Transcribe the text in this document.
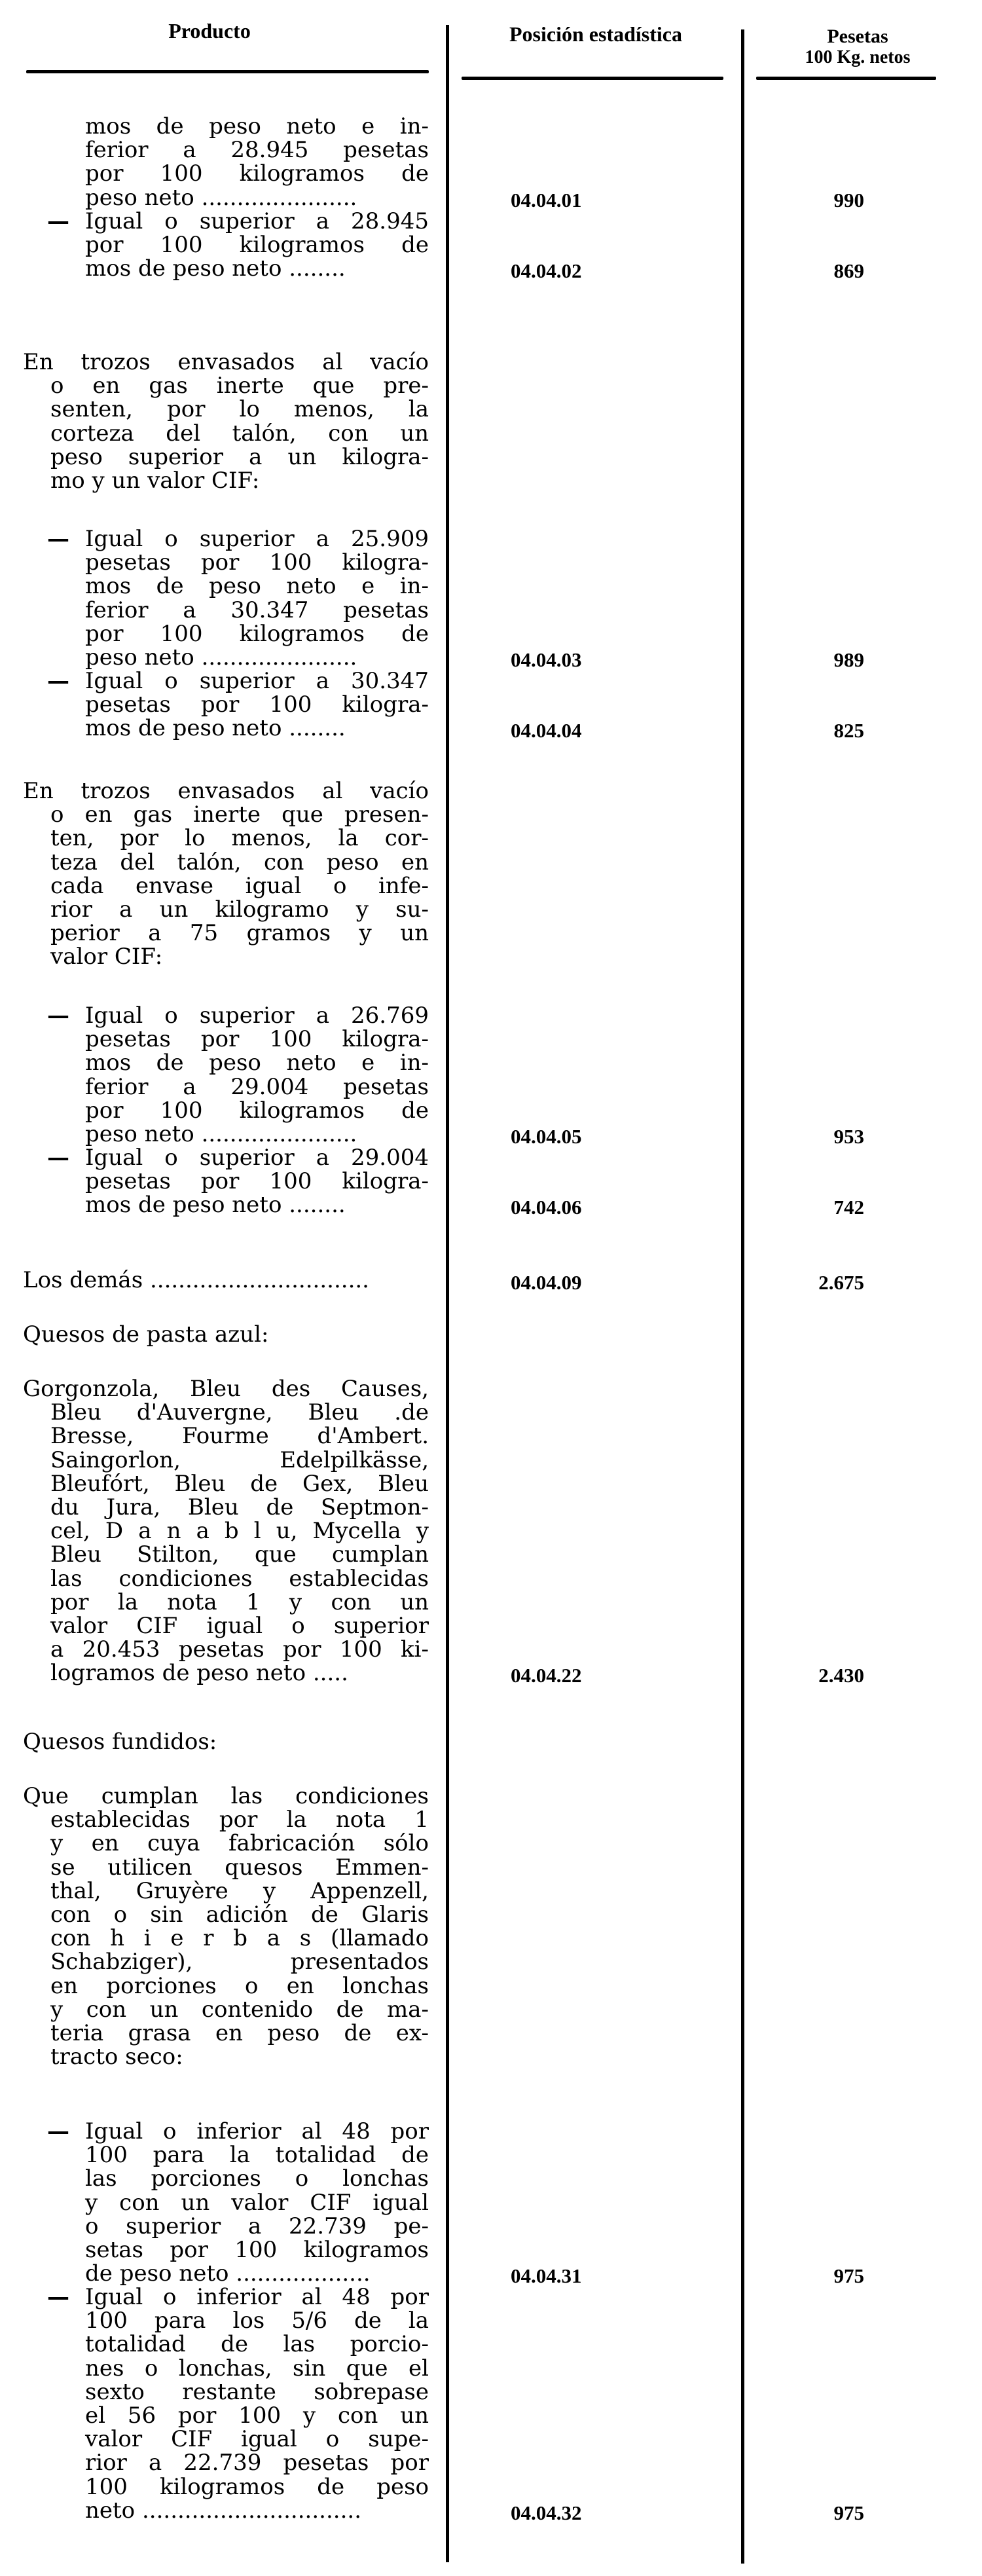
Producto	Posición estadística	Pesetas
100 Kg. netos
mos de peso neto e in-
ferior a 28.945 pesetas
por 100 kilogramos de
peso neto ......................	04.04.01	990
— Igual o superior a 28.945
por 100 kilogramos de
mos de peso neto ........	04.04.02	869
En trozos envasados al vacío
o en gas inerte que pre-
senten, por lo menos, la
corteza del talón, con un
peso superior a un kilogra-
mo y un valor CIF:
— Igual o superior a 25.909
pesetas por 100 kilogra-
mos de peso neto e in-
ferior a 30.347 pesetas
por 100 kilogramos de
peso neto ......................	04.04.03	989
— Igual o superior a 30.347
pesetas por 100 kilogra-
mos de peso neto ........	04.04.04	825
En trozos envasados al vacío
o en gas inerte que presen-
ten, por lo menos, la cor-
teza del talón, con peso en
cada envase igual o infe-
rior a un kilogramo y su-
perior a 75 gramos y un
valor CIF:
— Igual o superior a 26.769
pesetas por 100 kilogra-
mos de peso neto e in-
ferior a 29.004 pesetas
por 100 kilogramos de
peso neto ......................	04.04.05	953
— Igual o superior a 29.004
pesetas por 100 kilogra-
mos de peso neto ........	04.04.06	742
Los demás ...............................	04.04.09	2.675
Quesos de pasta azul:
Gorgonzola, Bleu des Causes,
Bleu d'Auvergne, Bleu .de
Bresse, Fourme d'Ambert.
Saingorlon, Edelpilkässe,
Bleufórt, Bleu de Gex, Bleu
du Jura, Bleu de Septmon-
cel, D a n a b l u, Mycella y
Bleu Stilton, que cumplan
las condiciones establecidas
por la nota 1 y con un
valor CIF igual o superior
a 20.453 pesetas por 100 ki-
logramos de peso neto .....	04.04.22	2.430
Quesos fundidos:
Que cumplan las condiciones
establecidas por la nota 1
y en cuya fabricación sólo
se utilicen quesos Emmen-
thal, Gruyère y Appenzell,
con o sin adición de Glaris
con h i e r b a s (llamado
Schabziger), presentados
en porciones o en lonchas
y con un contenido de ma-
teria grasa en peso de ex-
tracto seco:
— Igual o inferior al 48 por
100 para la totalidad de
las porciones o lonchas
y con un valor CIF igual
o superior a 22.739 pe-
setas por 100 kilogramos
de peso neto ...................	04.04.31	975
— Igual o inferior al 48 por
100 para los 5/6 de la
totalidad de las porcio-
nes o lonchas, sin que el
sexto restante sobrepase
el 56 por 100 y con un
valor CIF igual o supe-
rior a 22.739 pesetas por
100 kilogramos de peso
neto ...............................	04.04.32	975
